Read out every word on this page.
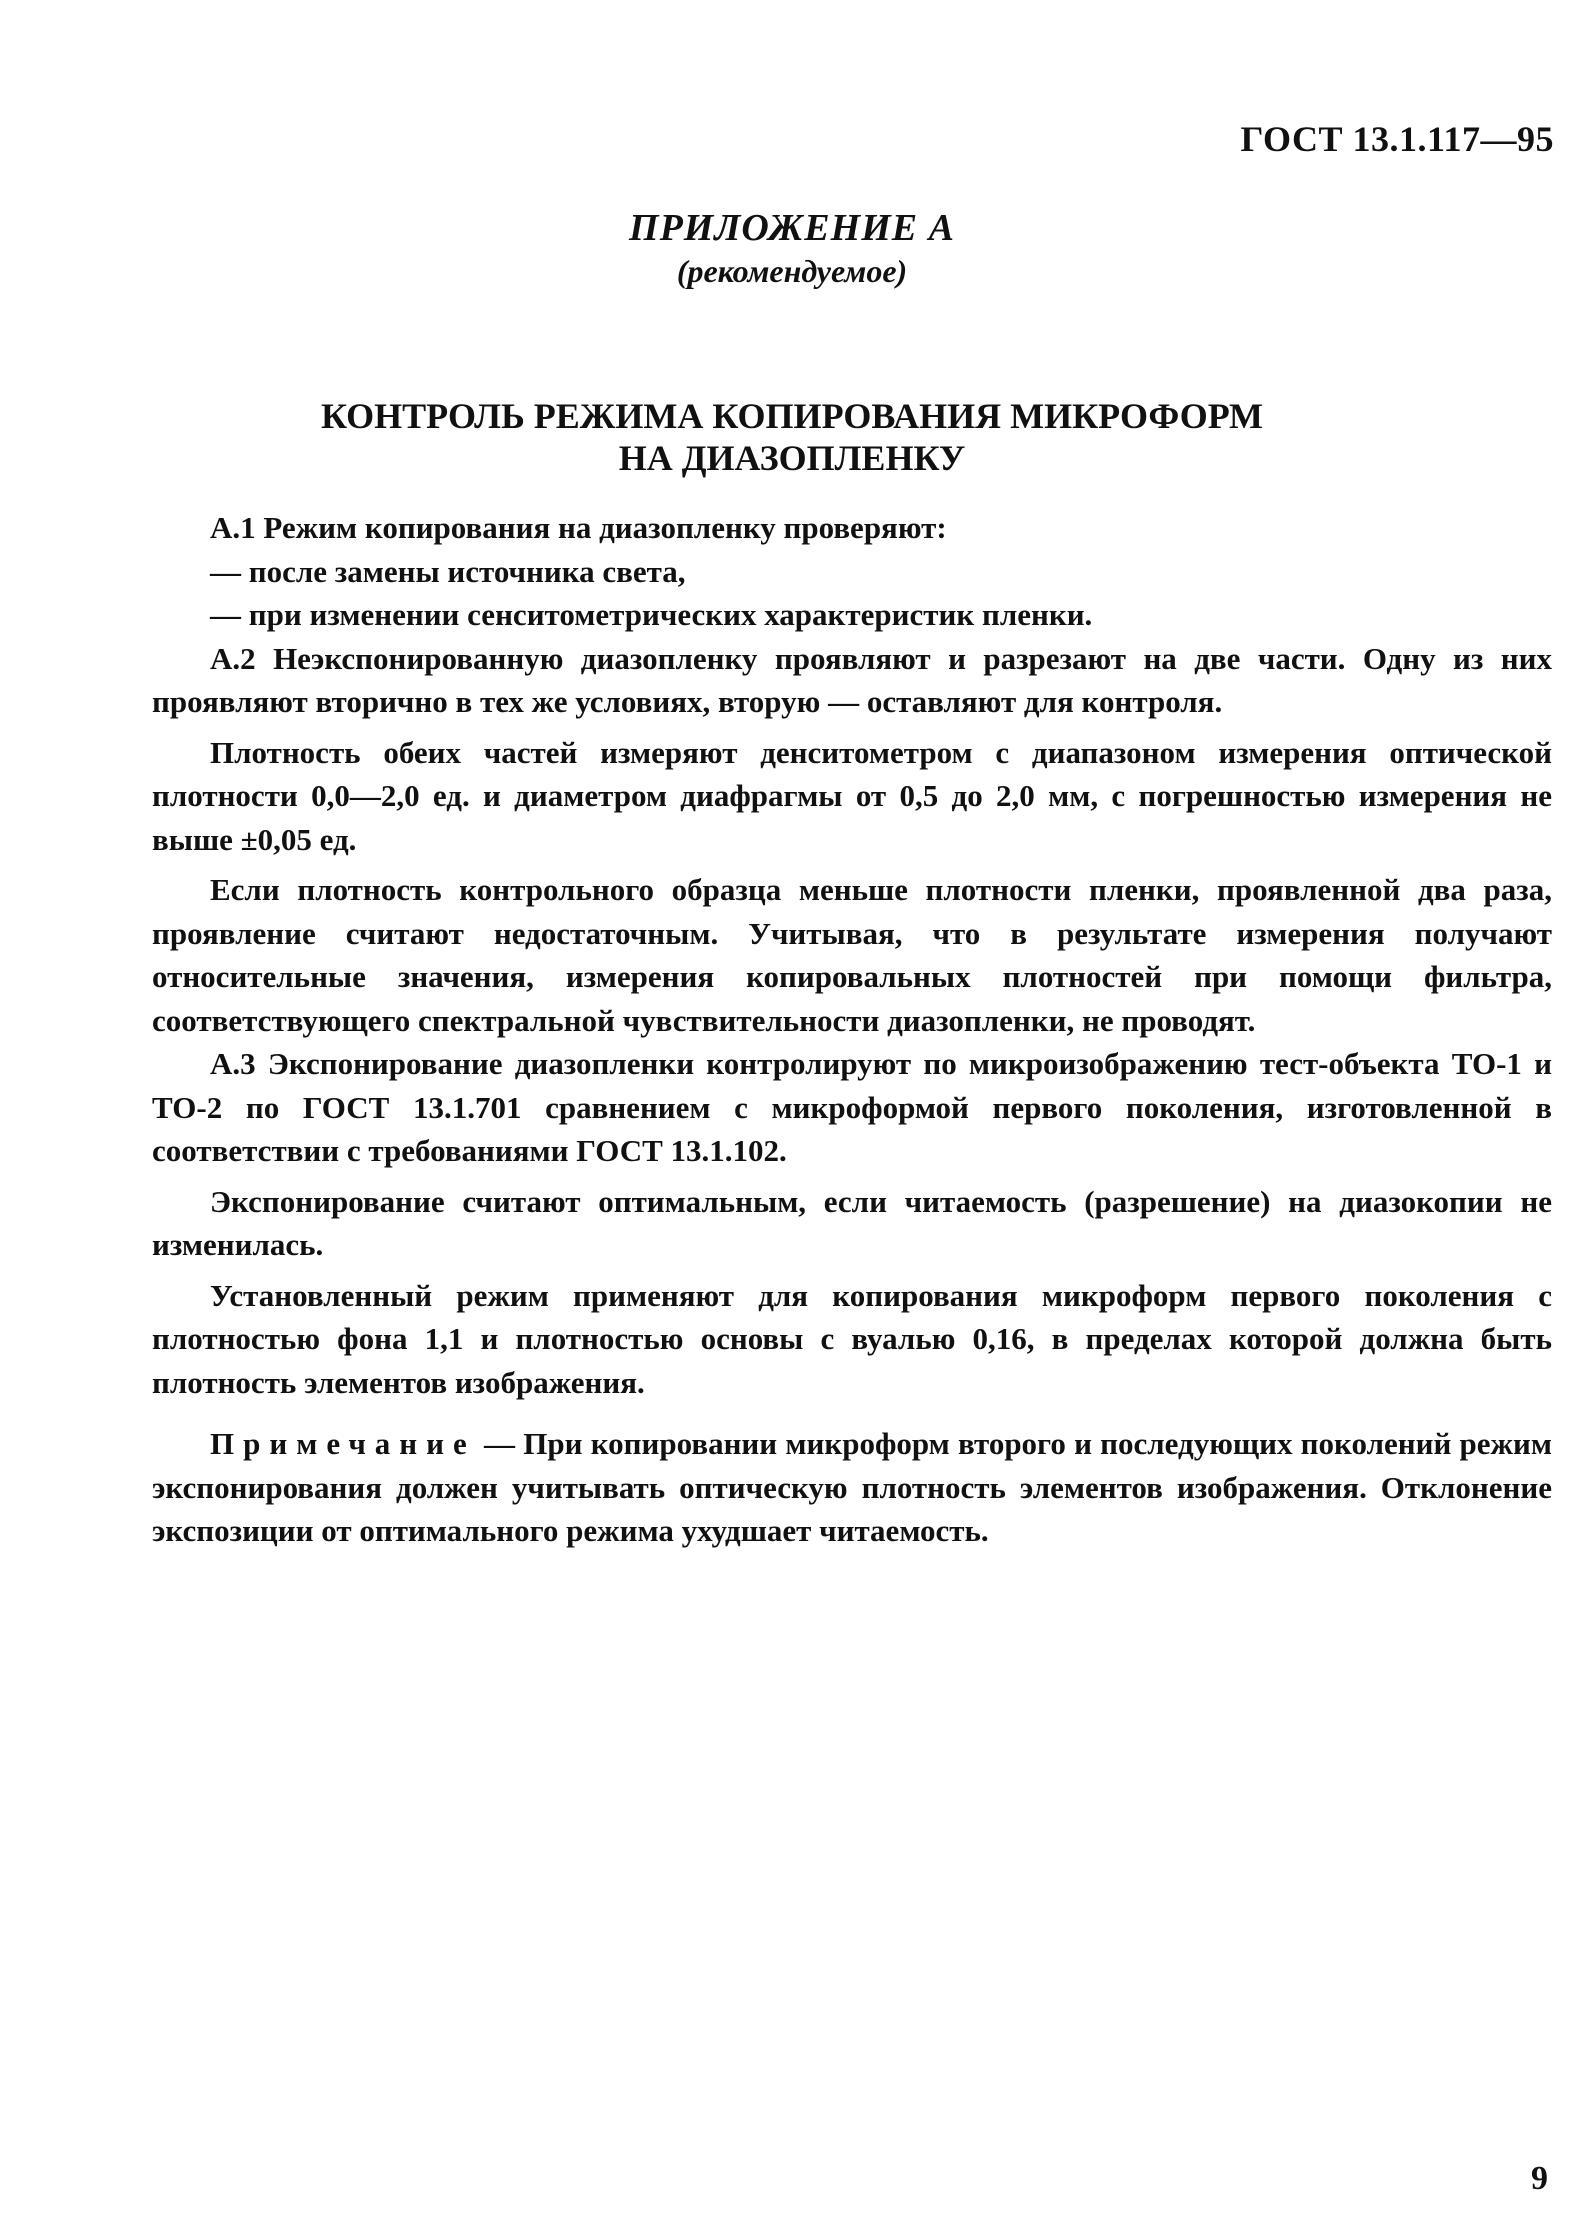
ГОСТ 13.1.117—95
ПРИЛОЖЕНИЕ А
(рекомендуемое)
КОНТРОЛЬ РЕЖИМА КОПИРОВАНИЯ МИКРОФОРМ
НА ДИАЗОПЛЕНКУ

А.1 Режим копирования на диазопленку проверяют:

— после замены источника света,

— при изменении сенситометрических характеристик пленки.

А.2 Неэкспонированную диазопленку проявляют и разрезают на две части. Одну из них проявляют вторично в тех же условиях, вторую — оставляют для контроля.

Плотность обеих частей измеряют денситометром с диапазоном измерения оптической плотности 0,0—2,0 ед. и диаметром диафрагмы от 0,5 до 2,0 мм, с погрешностью измерения не выше ±0,05 ед.

Если плотность контрольного образца меньше плотности пленки, проявленной два раза, проявление считают недостаточным. Учитывая, что в результате измерения получают относительные значения, измерения копировальных плотностей при помощи фильтра, соответствующего спектральной чувствительности диазопленки, не проводят.

А.3 Экспонирование диазопленки контролируют по микроизображению тест-объекта ТО-1 и ТО-2 по ГОСТ 13.1.701 сравнением с микроформой первого поколения, изготовленной в соответствии с требованиями ГОСТ 13.1.102.

Экспонирование считают оптимальным, если читаемость (разрешение) на диазокопии не изменилась.

Установленный режим применяют для копирования микроформ первого поколения с плотностью фона 1,1 и плотностью основы с вуалью 0,16, в пределах которой должна быть плотность элементов изображения.

Примечание — При копировании микроформ второго и последующих поколений режим экспонирования должен учитывать оптическую плотность элементов изображения. Отклонение экспозиции от оптимального режима ухудшает читаемость.

9
